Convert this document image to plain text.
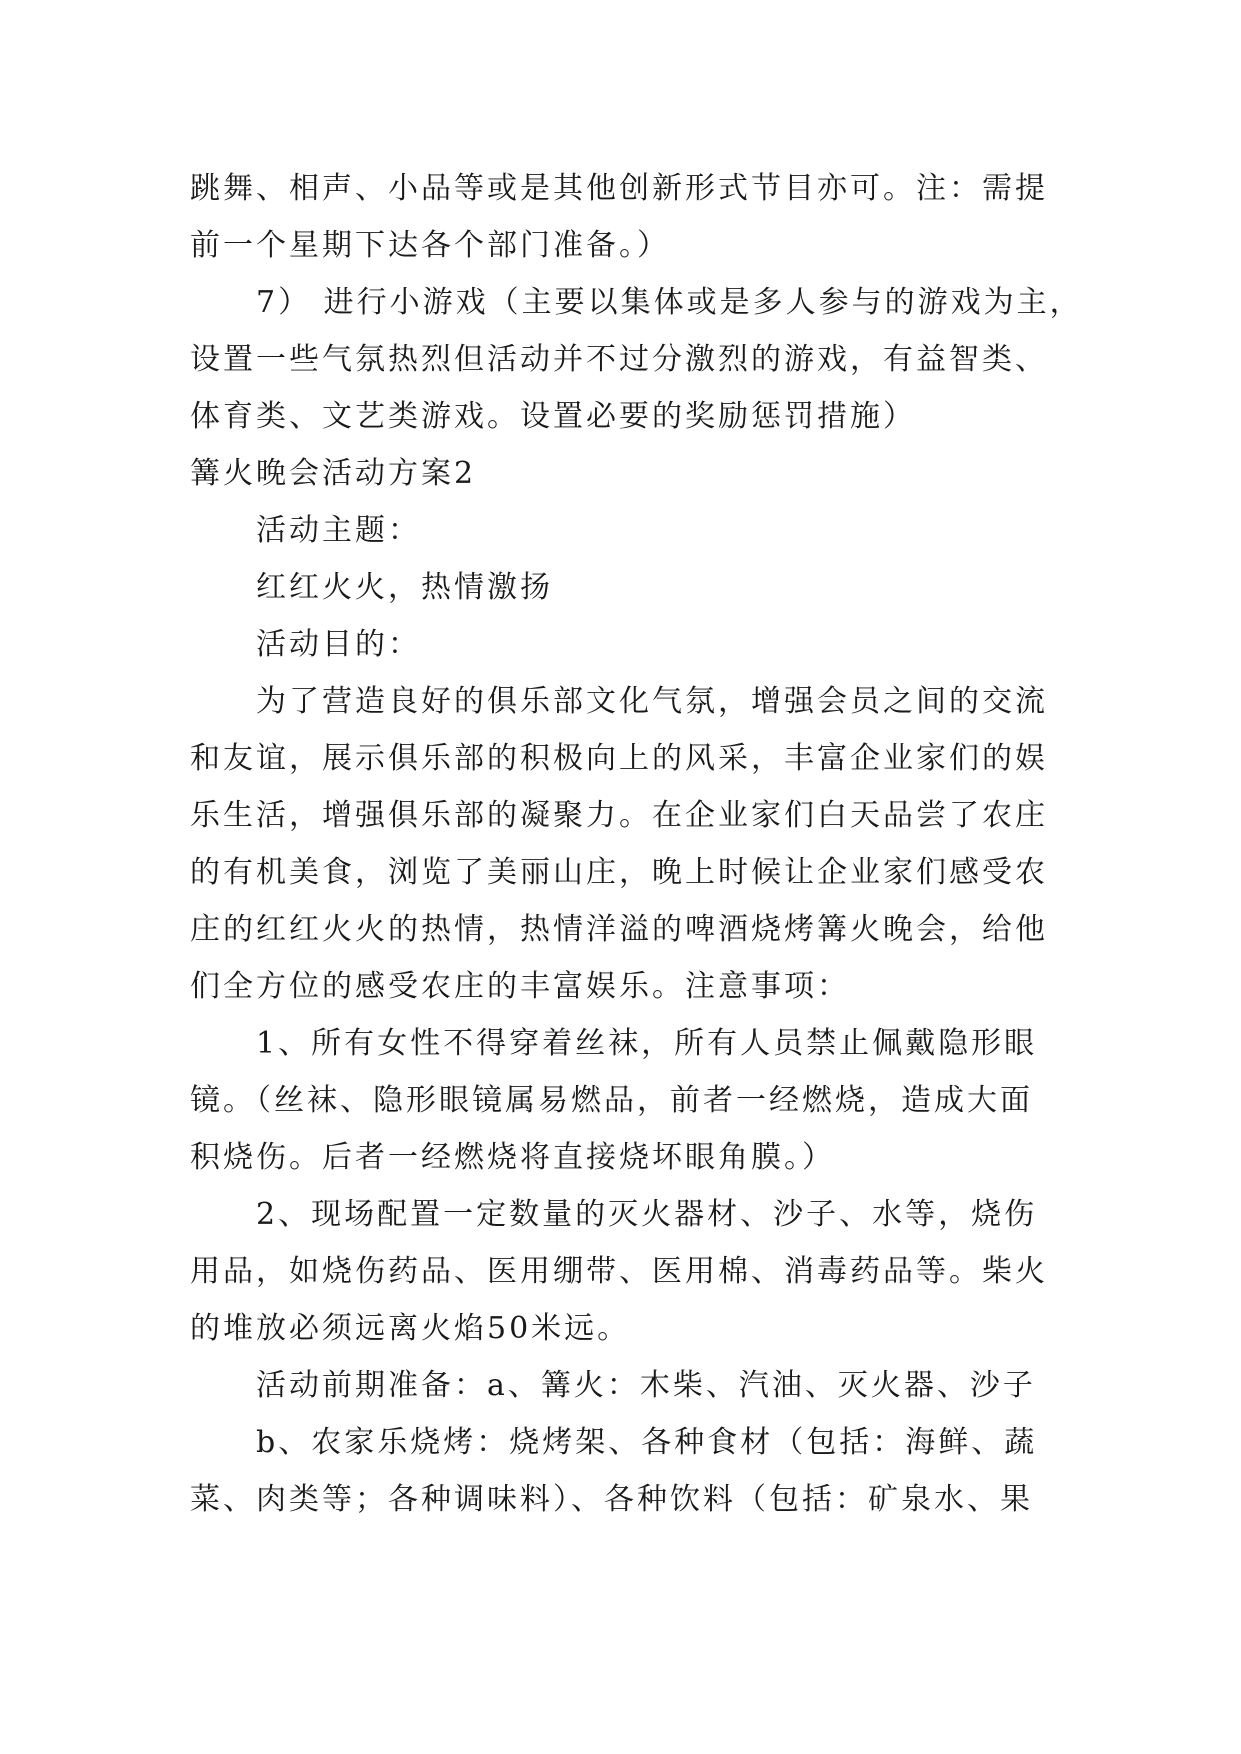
跳舞、相声、小品等或是其他创新形式节目亦可。注：需提
前一个星期下达各个部门准备。）
7） 进行小游戏（主要以集体或是多人参与的游戏为主，
设置一些气氛热烈但活动并不过分激烈的游戏，有益智类、
体育类、文艺类游戏。设置必要的奖励惩罚措施）
篝火晚会活动方案2
活动主题：
红红火火，热情激扬
活动目的：
为了营造良好的俱乐部文化气氛，增强会员之间的交流
和友谊，展示俱乐部的积极向上的风采，丰富企业家们的娱
乐生活，增强俱乐部的凝聚力。在企业家们白天品尝了农庄
的有机美食，浏览了美丽山庄，晚上时候让企业家们感受农
庄的红红火火的热情，热情洋溢的啤酒烧烤篝火晚会，给他
们全方位的感受农庄的丰富娱乐。注意事项：
1、所有女性不得穿着丝袜，所有人员禁止佩戴隐形眼
镜。（丝袜、隐形眼镜属易燃品，前者一经燃烧，造成大面
积烧伤。后者一经燃烧将直接烧坏眼角膜。）
2、现场配置一定数量的灭火器材、沙子、水等，烧伤
用品，如烧伤药品、医用绷带、医用棉、消毒药品等。柴火
的堆放必须远离火焰50米远。
活动前期准备：a、篝火：木柴、汽油、灭火器、沙子
b、农家乐烧烤：烧烤架、各种食材（包括：海鲜、蔬
菜、肉类等；各种调味料）、各种饮料（包括：矿泉水、果
